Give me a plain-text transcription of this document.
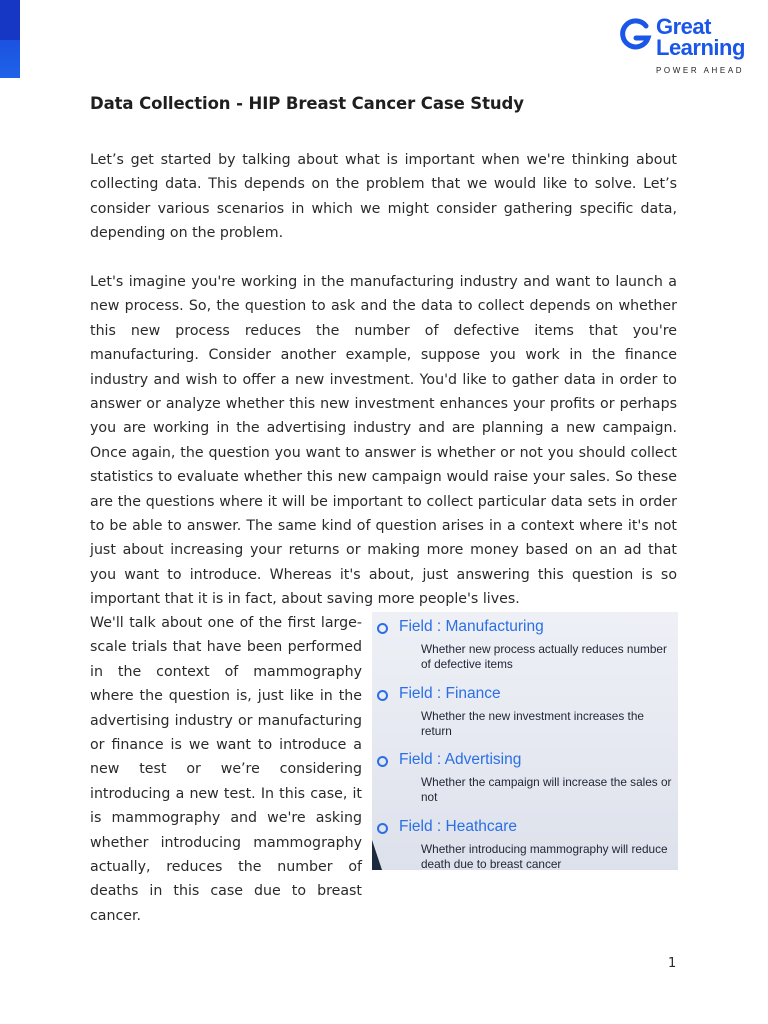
Great
Learning
POWER AHEAD
Data Collection - HIP Breast Cancer Case Study

Let’s get started by talking about what is important when we're thinking about collecting data. This depends on the problem that we would like to solve. Let’s consider various scenarios in which we might consider gathering specific data, depending on the problem.

Let's imagine you're working in the manufacturing industry and want to launch a new process. So, the question to ask and the data to collect depends on whether this new process reduces the number of defective items that you're manufacturing. Consider another example, suppose you work in the finance industry and wish to offer a new investment. You'd like to gather data in order to answer or analyze whether this new investment enhances your profits or perhaps you are working in the advertising industry and are planning a new campaign. Once again, the question you want to answer is whether or not you should collect statistics to evaluate whether this new campaign would raise your sales. So these are the questions where it will be important to collect particular data sets in order to be able to answer. The same kind of question arises in a context where it's not just about increasing your returns or making more money based on an ad that you want to introduce. Whereas it's about, just answering this question is so important that it is in fact, about saving more people's lives.

We'll talk about one of the first large-scale trials that have been performed in the context of mammography where the question is, just like in the advertising industry or manufacturing or finance is we want to introduce a new test or we’re considering introducing a new test. In this case, it is mammography and we're asking whether introducing mammography actually, reduces the number of deaths in this case due to breast cancer.

Field : Manufacturing
Whether new process actually reduces number of defective items
Field : Finance
Whether the new investment increases the return
Field : Advertising
Whether the campaign will increase the sales or not
Field : Heathcare
Whether introducing mammography will reduce death due to breast cancer
1
